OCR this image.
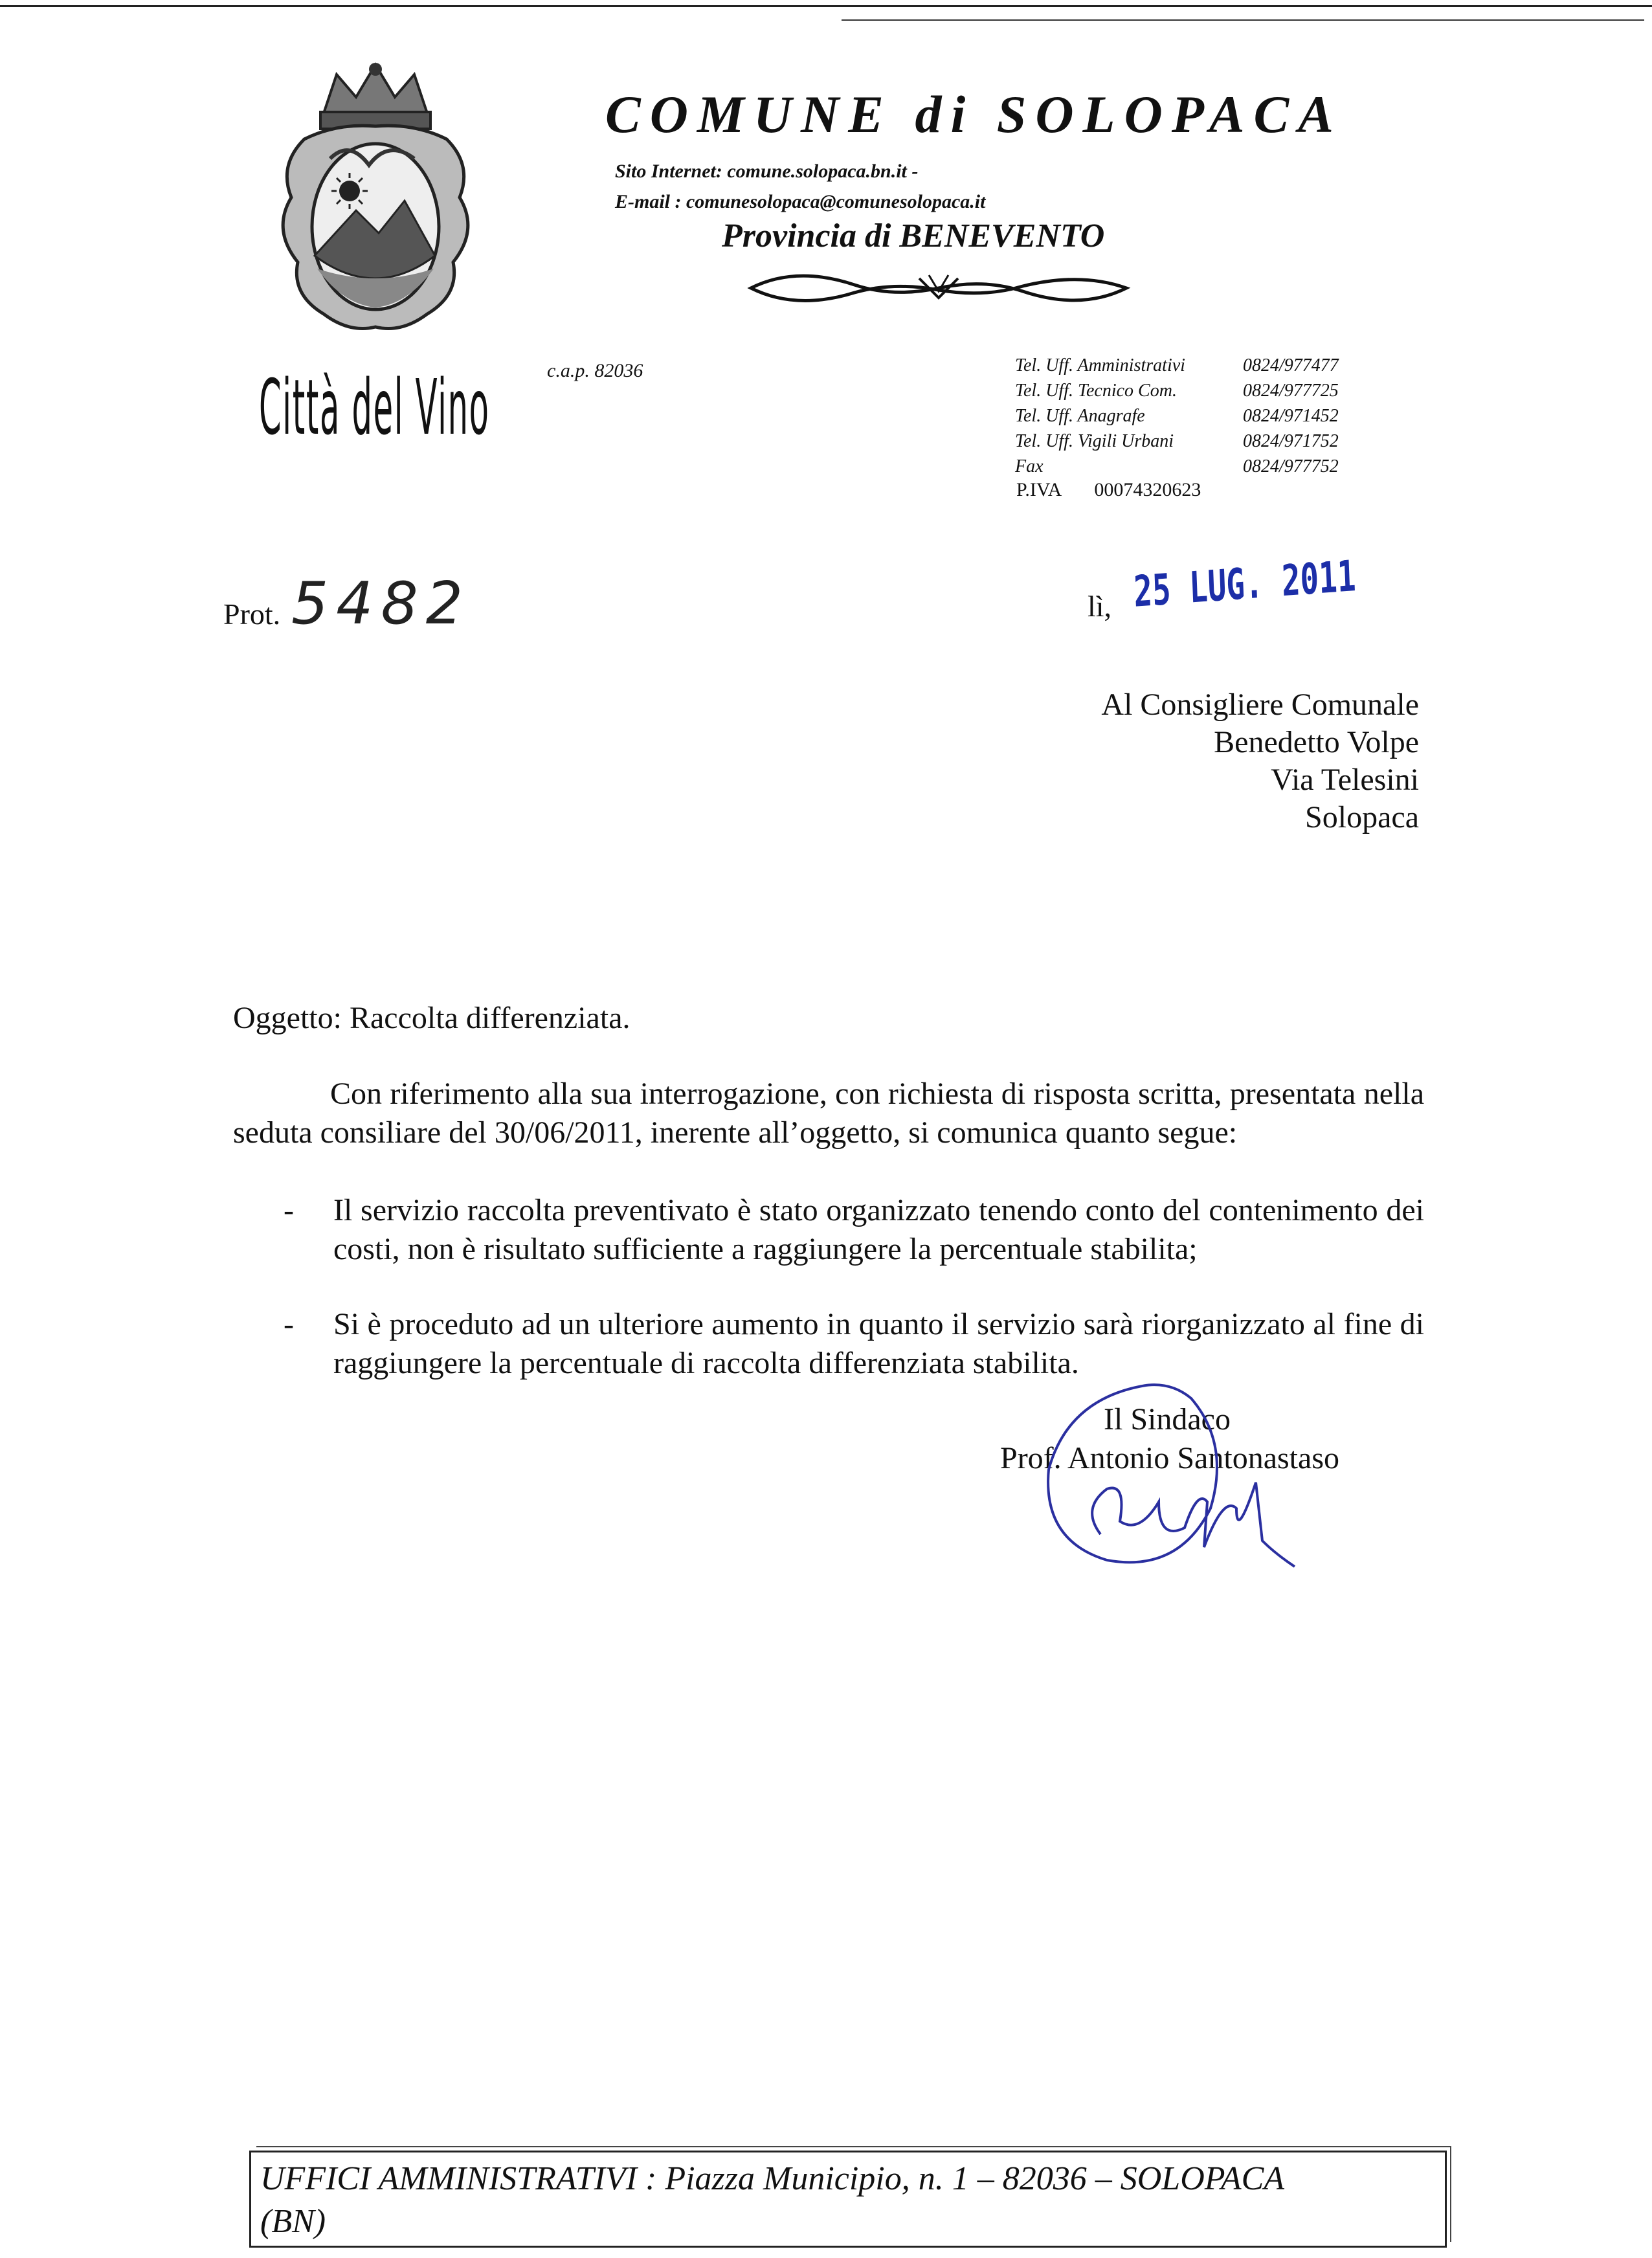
COMUNE di SOLOPACA
Sito Internet: comune.solopaca.bn.it -
E-mail : comunesolopaca@comunesolopaca.it
Provincia di BENEVENTO
c.a.p. 82036	Tel. Uff. Amministrativi	0824/977477
Tel. Uff. Tecnico Com.	0824/977725
Tel. Uff. Anagrafe	0824/971452
Tel. Uff. Vigili Urbani	0824/971752
Fax	0824/977752
P.IVA 00074320623
Città del Vino
Prot. 5482	lì, 25 LUG. 2011
Al Consigliere Comunale
Benedetto Volpe
Via Telesini
Solopaca
Oggetto: Raccolta differenziata.

Con riferimento alla sua interrogazione, con richiesta di risposta scritta, presentata nella seduta consiliare del 30/06/2011, inerente all’oggetto, si comunica quanto segue:

-	Il servizio raccolta preventivato è stato organizzato tenendo conto del contenimento dei costi, non è risultato sufficiente a raggiungere la percentuale stabilita;
-	Si è proceduto ad un ulteriore aumento in quanto il servizio sarà riorganizzato al fine di raggiungere la percentuale di raccolta differenziata stabilita.
Il Sindaco
Prof. Antonio Santonastaso
UFFICI AMMINISTRATIVI : Piazza Municipio, n. 1 – 82036 – SOLOPACA
(BN)
